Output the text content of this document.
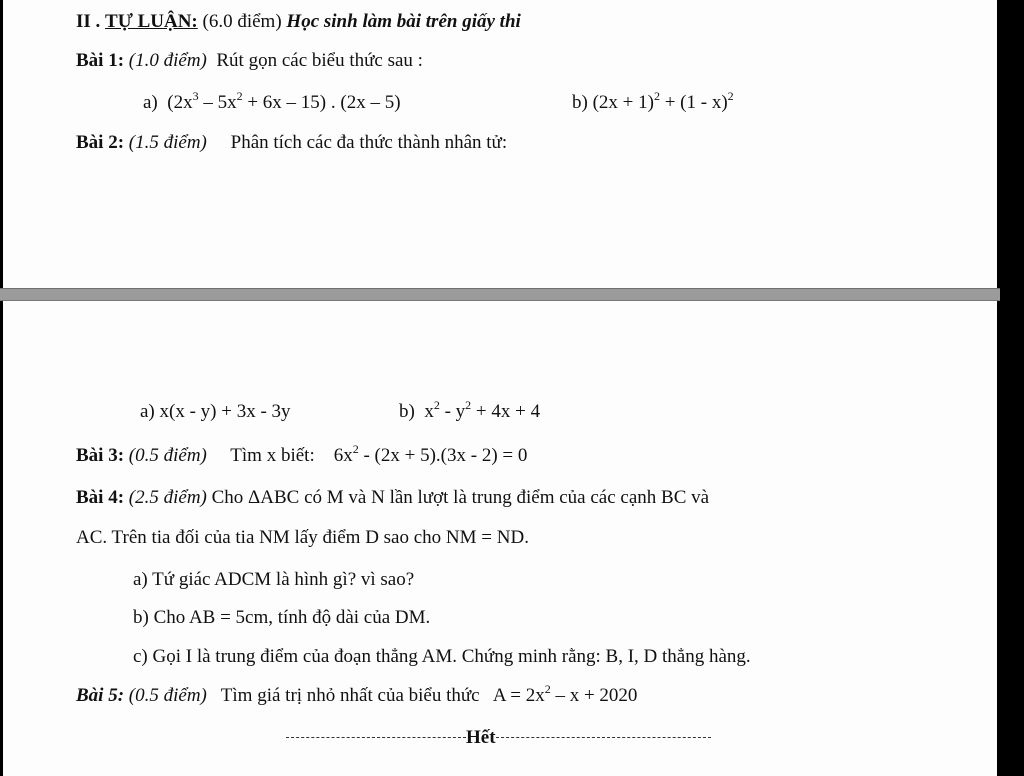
II . TỰ LUẬN: (6.0 điểm) Học sinh làm bài trên giấy thi
Bài 1: (1.0 điểm) Rút gọn các biểu thức sau :
a) $(2x^3 - 5x^2 + 6x - 15)$ . (2x – 5)	b) $(2x + 1)^2 + (1 - x)^2$
Bài 2: (1.5 điểm) Phân tích các đa thức thành nhân tử:
a) x(x - y) + 3x - 3y	b) $x^2 - y^2 + 4x + 4$
Bài 3: (0.5 điểm) Tìm x biết: $6x^2 - (2x + 5).(3x - 2) = 0$
Bài 4: (2.5 điểm) Cho ΔABC có M và N lần lượt là trung điểm của các cạnh BC và
AC. Trên tia đối của tia NM lấy điểm D sao cho NM = ND.
a) Tứ giác ADCM là hình gì? vì sao?
b) Cho AB = 5cm, tính độ dài của DM.
c) Gọi I là trung điểm của đoạn thẳng AM. Chứng minh rằng: B, I, D thẳng hàng.
Bài 5: (0.5 điểm) Tìm giá trị nhỏ nhất của biểu thức $A = 2x^2 - x + 2020$
Hết
